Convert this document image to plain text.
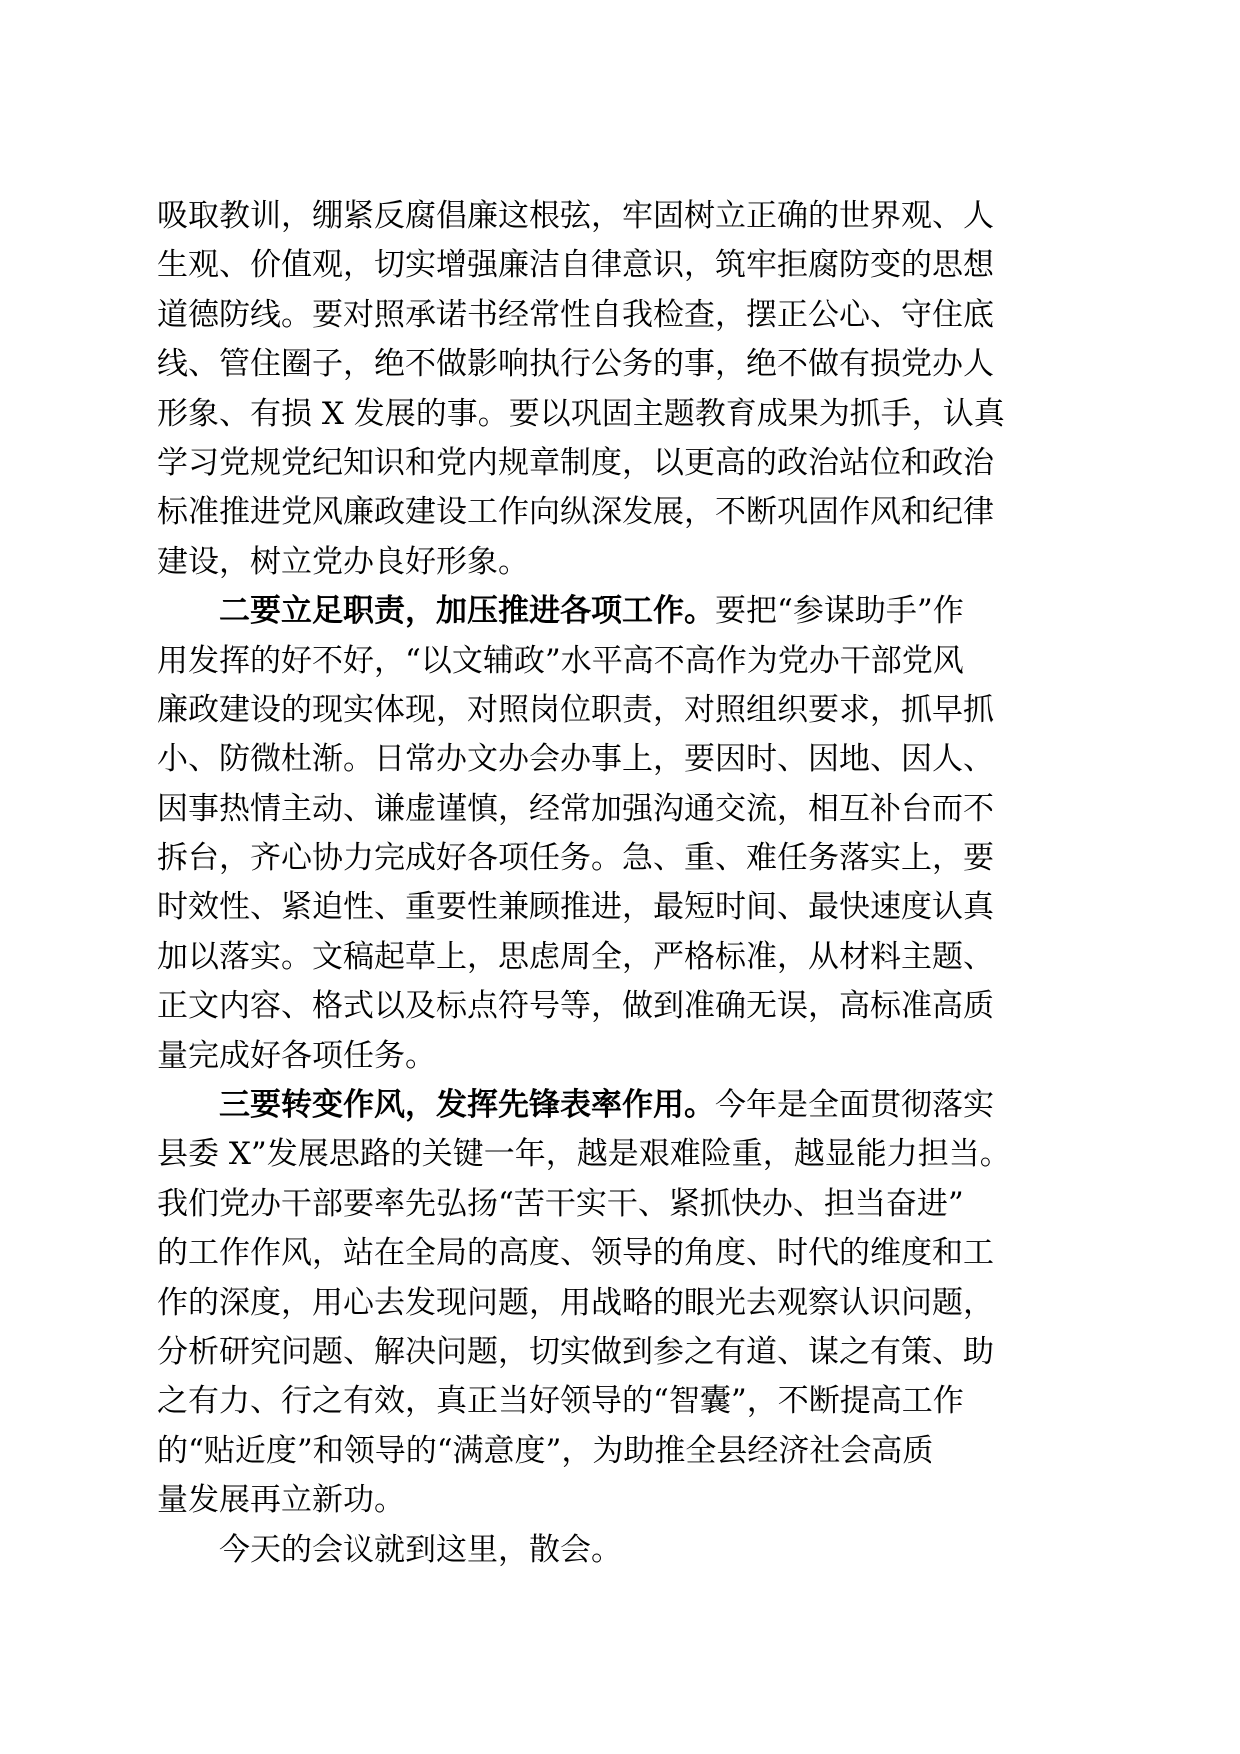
吸取教训，绷紧反腐倡廉这根弦，牢固树立正确的世界观、人
生观、价值观，切实增强廉洁自律意识，筑牢拒腐防变的思想
道德防线。要对照承诺书经常性自我检查，摆正公心、守住底
线、管住圈子，绝不做影响执行公务的事，绝不做有损党办人
形象、有损 X 发展的事。要以巩固主题教育成果为抓手，认真
学习党规党纪知识和党内规章制度，以更高的政治站位和政治
标准推进党风廉政建设工作向纵深发展，不断巩固作风和纪律
建设，树立党办良好形象。
二要立足职责，加压推进各项工作。要把“参谋助手”作
用发挥的好不好，“以文辅政”水平高不高作为党办干部党风
廉政建设的现实体现，对照岗位职责，对照组织要求，抓早抓
小、防微杜渐。日常办文办会办事上，要因时、因地、因人、
因事热情主动、谦虚谨慎，经常加强沟通交流，相互补台而不
拆台，齐心协力完成好各项任务。急、重、难任务落实上，要
时效性、紧迫性、重要性兼顾推进，最短时间、最快速度认真
加以落实。文稿起草上，思虑周全，严格标准，从材料主题、
正文内容、格式以及标点符号等，做到准确无误，高标准高质
量完成好各项任务。
三要转变作风，发挥先锋表率作用。今年是全面贯彻落实
县委 X”发展思路的关键一年，越是艰难险重，越显能力担当。
我们党办干部要率先弘扬“苦干实干、紧抓快办、担当奋进”
的工作作风，站在全局的高度、领导的角度、时代的维度和工
作的深度，用心去发现问题，用战略的眼光去观察认识问题，
分析研究问题、解决问题，切实做到参之有道、谋之有策、助
之有力、行之有效，真正当好领导的“智囊”，不断提高工作
的“贴近度”和领导的“满意度”，为助推全县经济社会高质
量发展再立新功。
今天的会议就到这里，散会。
